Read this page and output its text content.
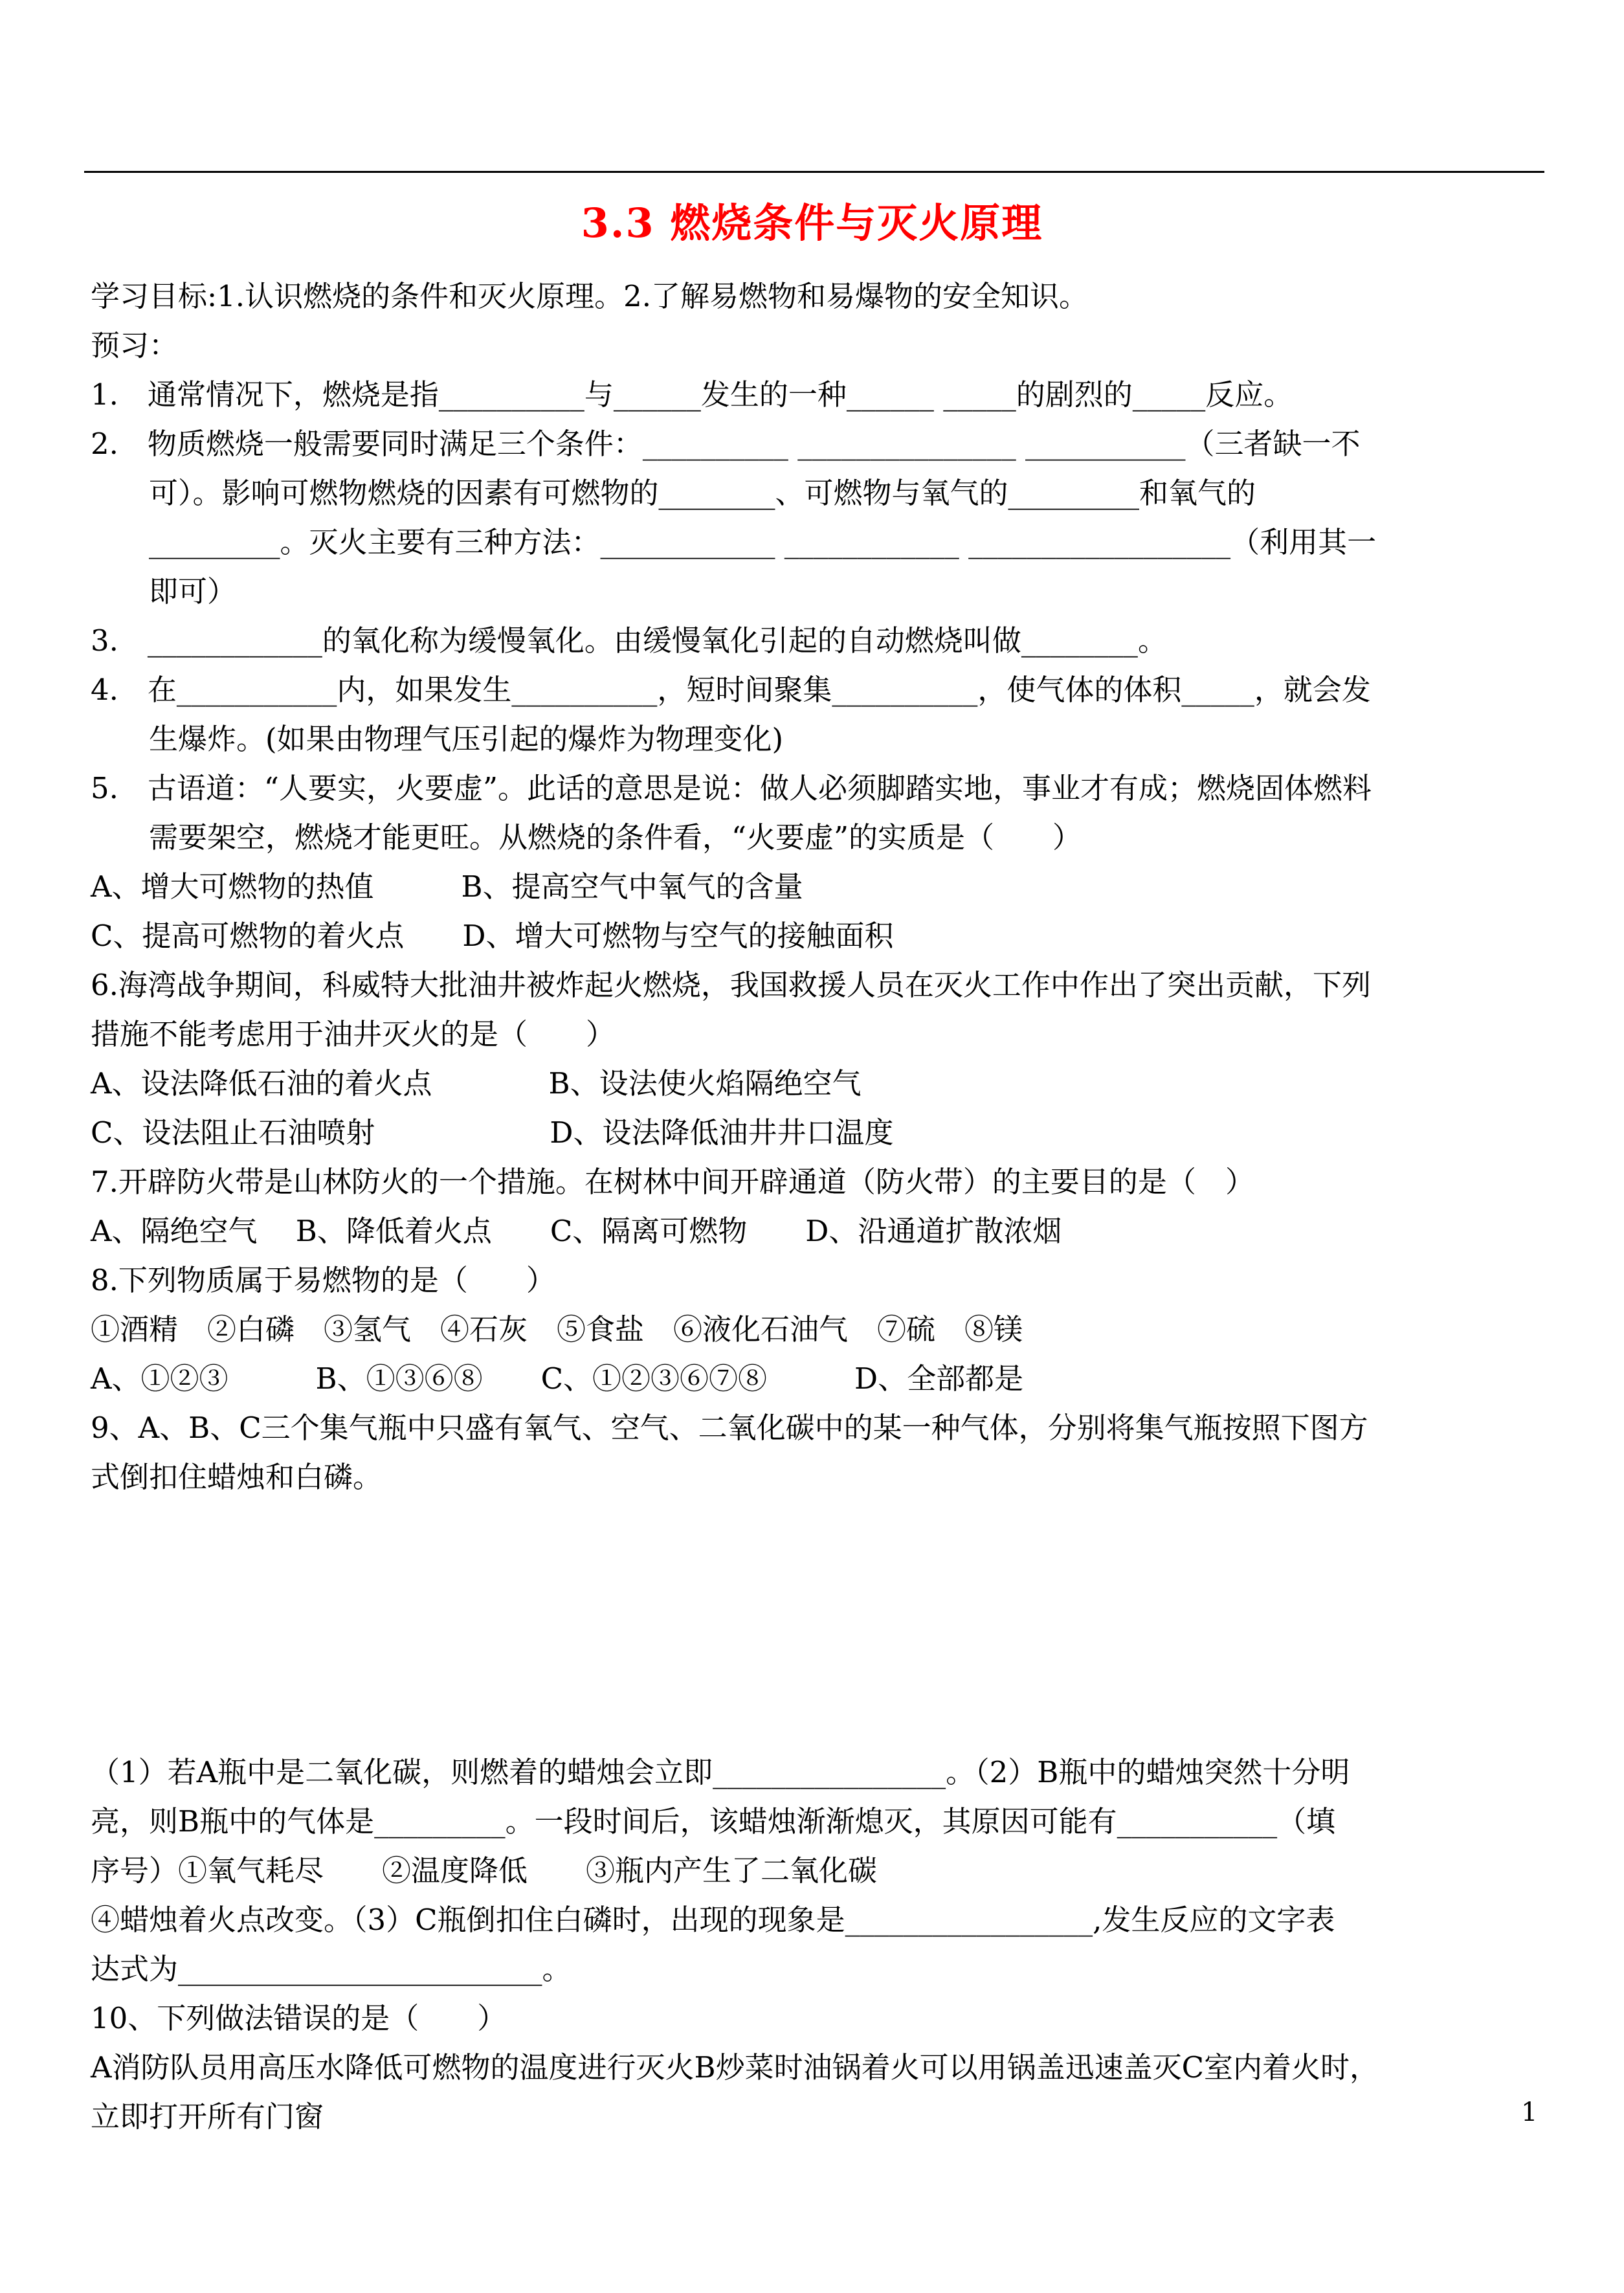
3.3 燃烧条件与灭火原理
学习目标:1.认识燃烧的条件和灭火原理。2.了解易燃物和易爆物的安全知识。
预习：
1.　通常情况下，燃烧是指__________与______发生的一种______ _____的剧烈的_____反应。
2.　物质燃烧一般需要同时满足三个条件：__________ _______________ ___________（三者缺一不
可）。影响可燃物燃烧的因素有可燃物的________、可燃物与氧气的_________和氧气的
_________。灭火主要有三种方法：____________ ____________ __________________（利用其一
即可）
3.　____________的氧化称为缓慢氧化。由缓慢氧化引起的自动燃烧叫做________。
4.　在___________内，如果发生__________，短时间聚集__________，使气体的体积_____，就会发
生爆炸。(如果由物理气压引起的爆炸为物理变化)
5.　古语道：“人要实，火要虚”。此话的意思是说：做人必须脚踏实地，事业才有成；燃烧固体燃料
需要架空，燃烧才能更旺。从燃烧的条件看，“火要虚”的实质是（　　）
A、增大可燃物的热值　　　B、提高空气中氧气的含量
C、提高可燃物的着火点　　D、增大可燃物与空气的接触面积
6.海湾战争期间，科威特大批油井被炸起火燃烧，我国救援人员在灭火工作中作出了突出贡献，下列
措施不能考虑用于油井灭火的是（　　）
A、设法降低石油的着火点　　　　B、设法使火焰隔绝空气
C、设法阻止石油喷射　　　　　　D、设法降低油井井口温度
7.开辟防火带是山林防火的一个措施。在树林中间开辟通道（防火带）的主要目的是（　）
A、隔绝空气　 B、降低着火点　　C、隔离可燃物　　D、沿通道扩散浓烟
8.下列物质属于易燃物的是（　　）
①酒精　②白磷　③氢气　④石灰　⑤食盐　⑥液化石油气　⑦硫　⑧镁
A、①②③　　　B、①③⑥⑧　　C、①②③⑥⑦⑧　　　D、全部都是
9、A、B、C三个集气瓶中只盛有氧气、空气、二氧化碳中的某一种气体，分别将集气瓶按照下图方
式倒扣住蜡烛和白磷。
（1）若A瓶中是二氧化碳，则燃着的蜡烛会立即________________。（2）B瓶中的蜡烛突然十分明
亮，则B瓶中的气体是_________。一段时间后，该蜡烛渐渐熄灭，其原因可能有___________（填
序号）①氧气耗尽　　②温度降低　　③瓶内产生了二氧化碳
④蜡烛着火点改变。（3）C瓶倒扣住白磷时，出现的现象是_________________,发生反应的文字表
达式为_________________________。
10、下列做法错误的是（　　）
A消防队员用高压水降低可燃物的温度进行灭火B炒菜时油锅着火可以用锅盖迅速盖灭C室内着火时，
立即打开所有门窗	1
